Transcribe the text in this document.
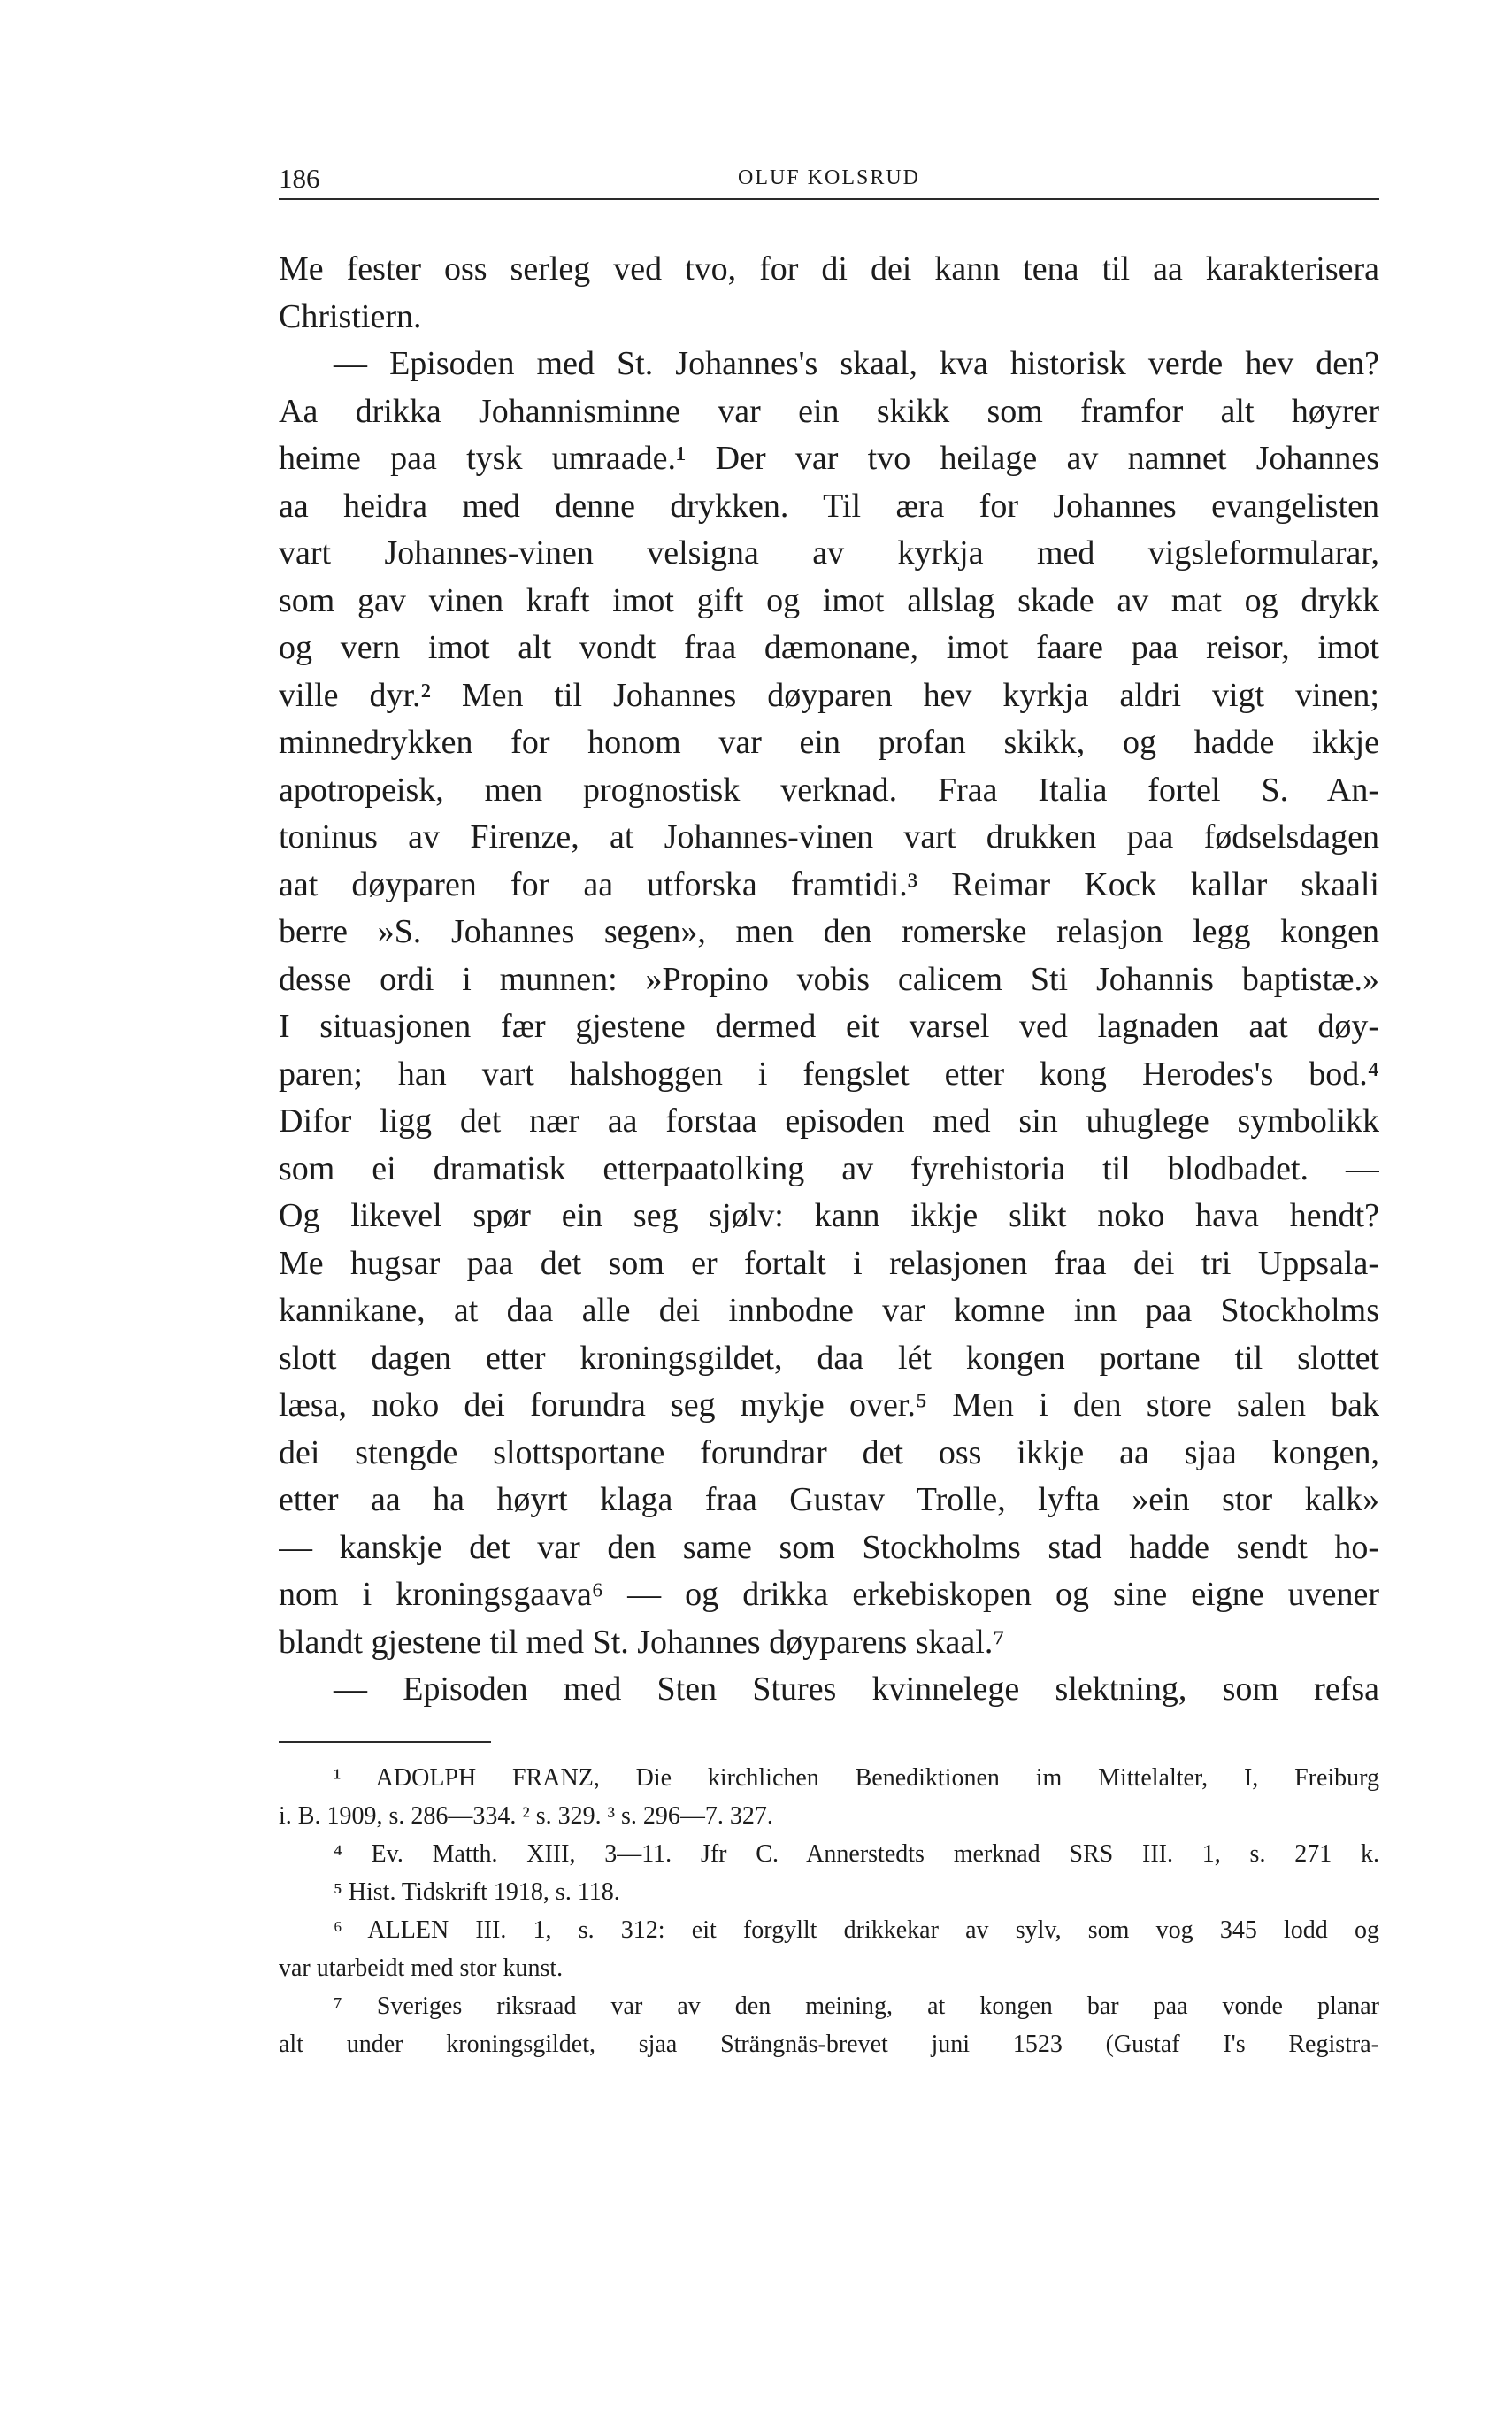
186	OLUF KOLSRUD
Me fester oss serleg ved tvo, for di dei kann tena til aa karakterisera
Christiern.
— Episoden med St. Johannes's skaal, kva historisk verde hev den?
Aa drikka Johannisminne var ein skikk som framfor alt høyrer
heime paa tysk umraade.¹ Der var tvo heilage av namnet Johannes
aa heidra med denne drykken. Til æra for Johannes evangelisten
vart Johannes-vinen velsigna av kyrkja med vigsleformularar,
som gav vinen kraft imot gift og imot allslag skade av mat og drykk
og vern imot alt vondt fraa dæmonane, imot faare paa reisor, imot
ville dyr.² Men til Johannes døyparen hev kyrkja aldri vigt vinen;
minnedrykken for honom var ein profan skikk, og hadde ikkje
apotropeisk, men prognostisk verknad. Fraa Italia fortel S. An-
toninus av Firenze, at Johannes-vinen vart drukken paa fødselsdagen
aat døyparen for aa utforska framtidi.³ Reimar Kock kallar skaali
berre »S. Johannes segen», men den romerske relasjon legg kongen
desse ordi i munnen: »Propino vobis calicem Sti Johannis baptistæ.»
I situasjonen fær gjestene dermed eit varsel ved lagnaden aat døy-
paren; han vart halshoggen i fengslet etter kong Herodes's bod.⁴
Difor ligg det nær aa forstaa episoden med sin uhuglege symbolikk
som ei dramatisk etterpaatolking av fyrehistoria til blodbadet. —
Og likevel spør ein seg sjølv: kann ikkje slikt noko hava hendt?
Me hugsar paa det som er fortalt i relasjonen fraa dei tri Uppsala-
kannikane, at daa alle dei innbodne var komne inn paa Stockholms
slott dagen etter kroningsgildet, daa lét kongen portane til slottet
læsa, noko dei forundra seg mykje over.⁵ Men i den store salen bak
dei stengde slottsportane forundrar det oss ikkje aa sjaa kongen,
etter aa ha høyrt klaga fraa Gustav Trolle, lyfta »ein stor kalk»
— kanskje det var den same som Stockholms stad hadde sendt ho-
nom i kroningsgaava⁶ — og drikka erkebiskopen og sine eigne uvener
blandt gjestene til med St. Johannes døyparens skaal.⁷
— Episoden med Sten Stures kvinnelege slektning, som refsa
¹ ADOLPH FRANZ, Die kirchlichen Benediktionen im Mittelalter, I, Freiburg
i. B. 1909, s. 286—334. ² s. 329. ³ s. 296—7. 327.
⁴ Ev. Matth. XIII, 3—11. Jfr C. Annerstedts merknad SRS III. 1, s. 271 k.
⁵ Hist. Tidskrift 1918, s. 118.
⁶ ALLEN III. 1, s. 312: eit forgyllt drikkekar av sylv, som vog 345 lodd og
var utarbeidt med stor kunst.
⁷ Sveriges riksraad var av den meining, at kongen bar paa vonde planar
alt under kroningsgildet, sjaa Strängnäs-brevet juni 1523 (Gustaf I's Registra-
